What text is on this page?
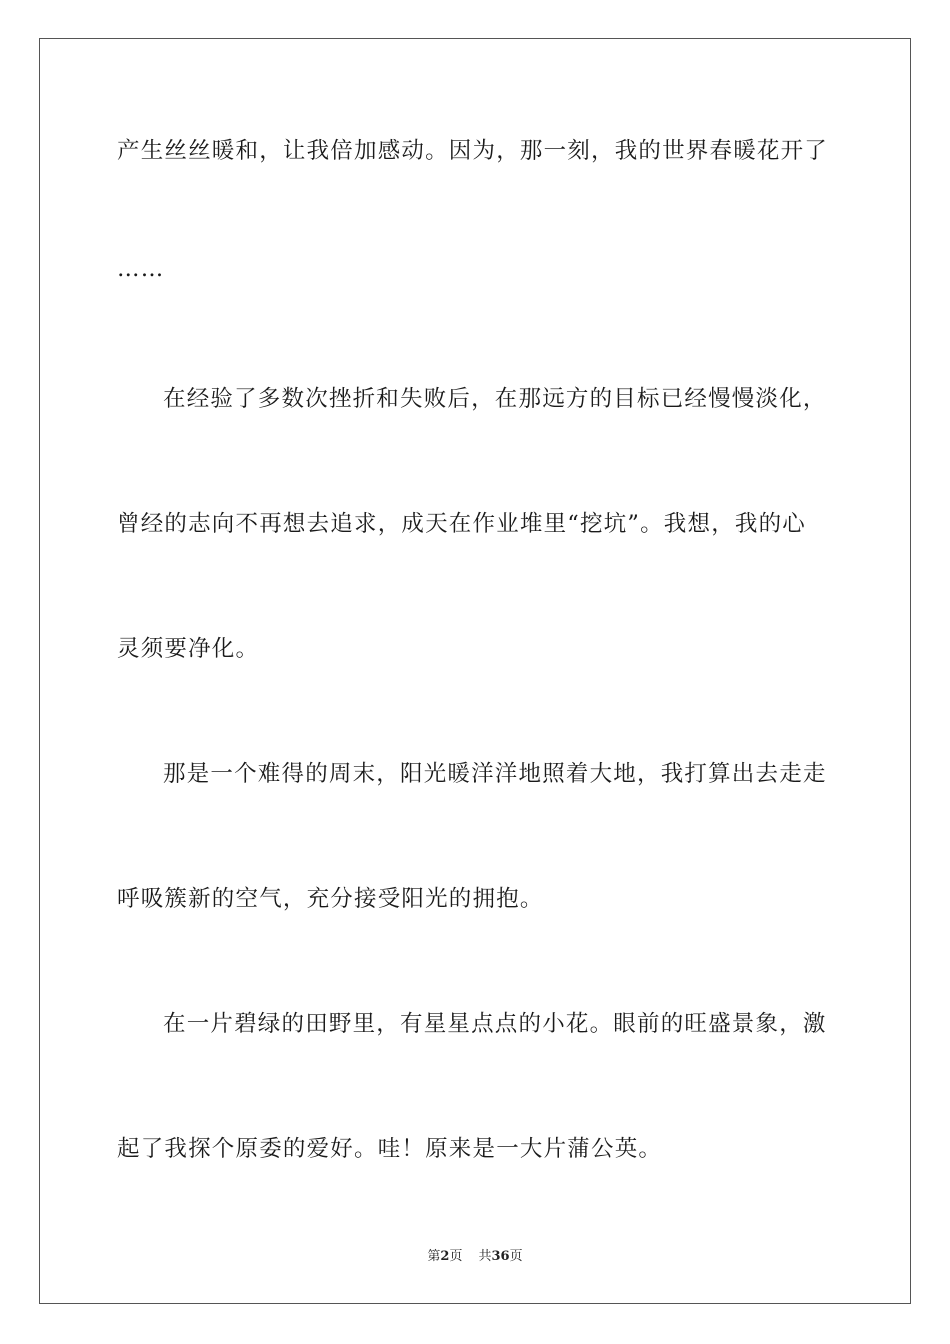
产生丝丝暖和，让我倍加感动。因为，那一刻，我的世界春暖花开了
……
在经验了多数次挫折和失败后，在那远方的目标已经慢慢淡化，
曾经的志向不再想去追求，成天在作业堆里“挖坑”。我想，我的心
灵须要净化。
那是一个难得的周末，阳光暖洋洋地照着大地，我打算出去走走
呼吸簇新的空气，充分接受阳光的拥抱。
在一片碧绿的田野里，有星星点点的小花。眼前的旺盛景象，激
起了我探个原委的爱好。哇！原来是一大片蒲公英。
第2页 共36页
